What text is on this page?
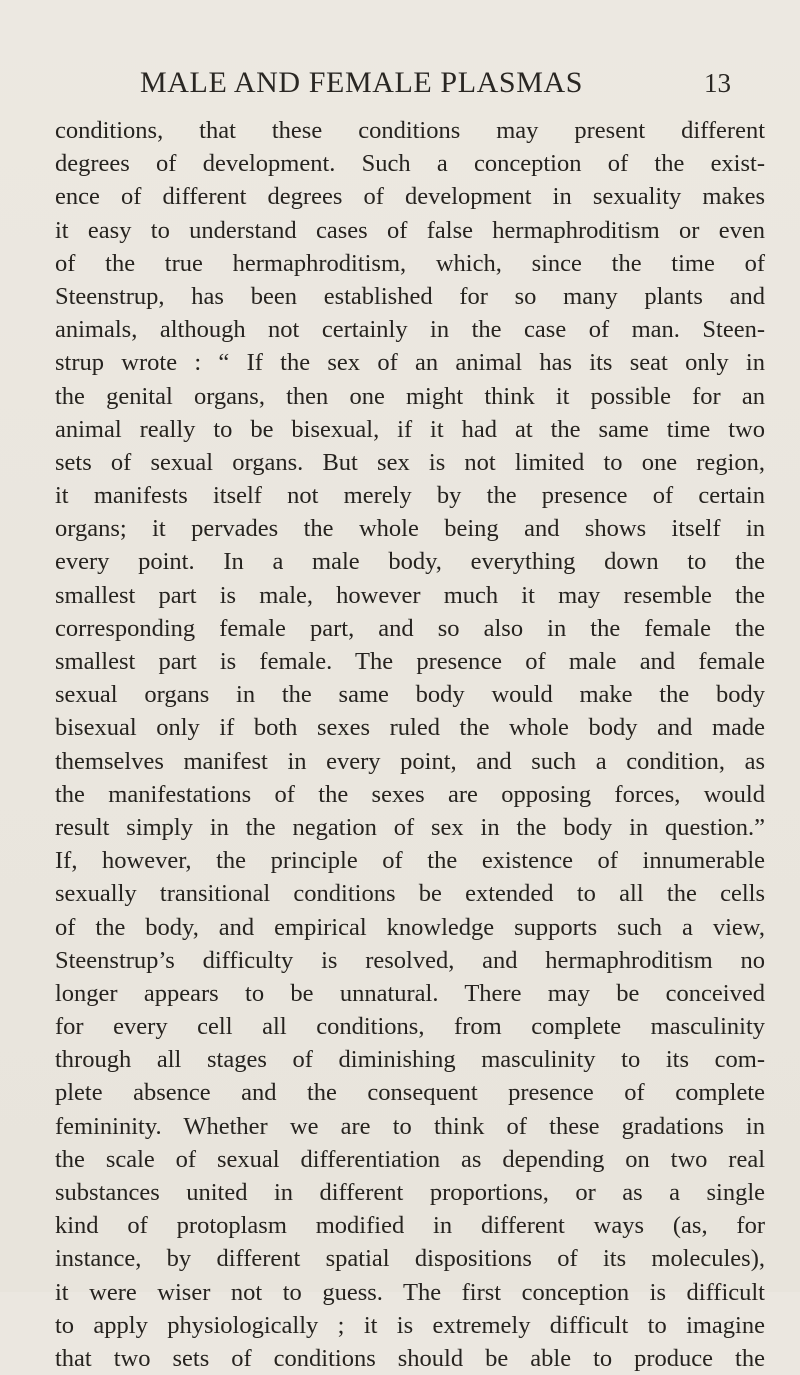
MALE AND FEMALE PLASMAS	13
conditions, that these conditions may present different
degrees of development. Such a conception of the exist-
ence of different degrees of development in sexuality makes
it easy to understand cases of false hermaphroditism or even
of the true hermaphroditism, which, since the time of
Steenstrup, has been established for so many plants and
animals, although not certainly in the case of man. Steen-
strup wrote : “ If the sex of an animal has its seat only in
the genital organs, then one might think it possible for an
animal really to be bisexual, if it had at the same time two
sets of sexual organs. But sex is not limited to one region,
it manifests itself not merely by the presence of certain
organs; it pervades the whole being and shows itself in
every point. In a male body, everything down to the
smallest part is male, however much it may resemble the
corresponding female part, and so also in the female the
smallest part is female. The presence of male and female
sexual organs in the same body would make the body
bisexual only if both sexes ruled the whole body and made
themselves manifest in every point, and such a condition, as
the manifestations of the sexes are opposing forces, would
result simply in the negation of sex in the body in question.”
If, however, the principle of the existence of innumerable
sexually transitional conditions be extended to all the cells
of the body, and empirical knowledge supports such a view,
Steenstrup’s difficulty is resolved, and hermaphroditism no
longer appears to be unnatural. There may be conceived
for every cell all conditions, from complete masculinity
through all stages of diminishing masculinity to its com-
plete absence and the consequent presence of complete
femininity. Whether we are to think of these gradations in
the scale of sexual differentiation as depending on two real
substances united in different proportions, or as a single
kind of protoplasm modified in different ways (as, for
instance, by different spatial dispositions of its molecules),
it were wiser not to guess. The first conception is difficult
to apply physiologically ; it is extremely difficult to imagine
that two sets of conditions should be able to produce the
